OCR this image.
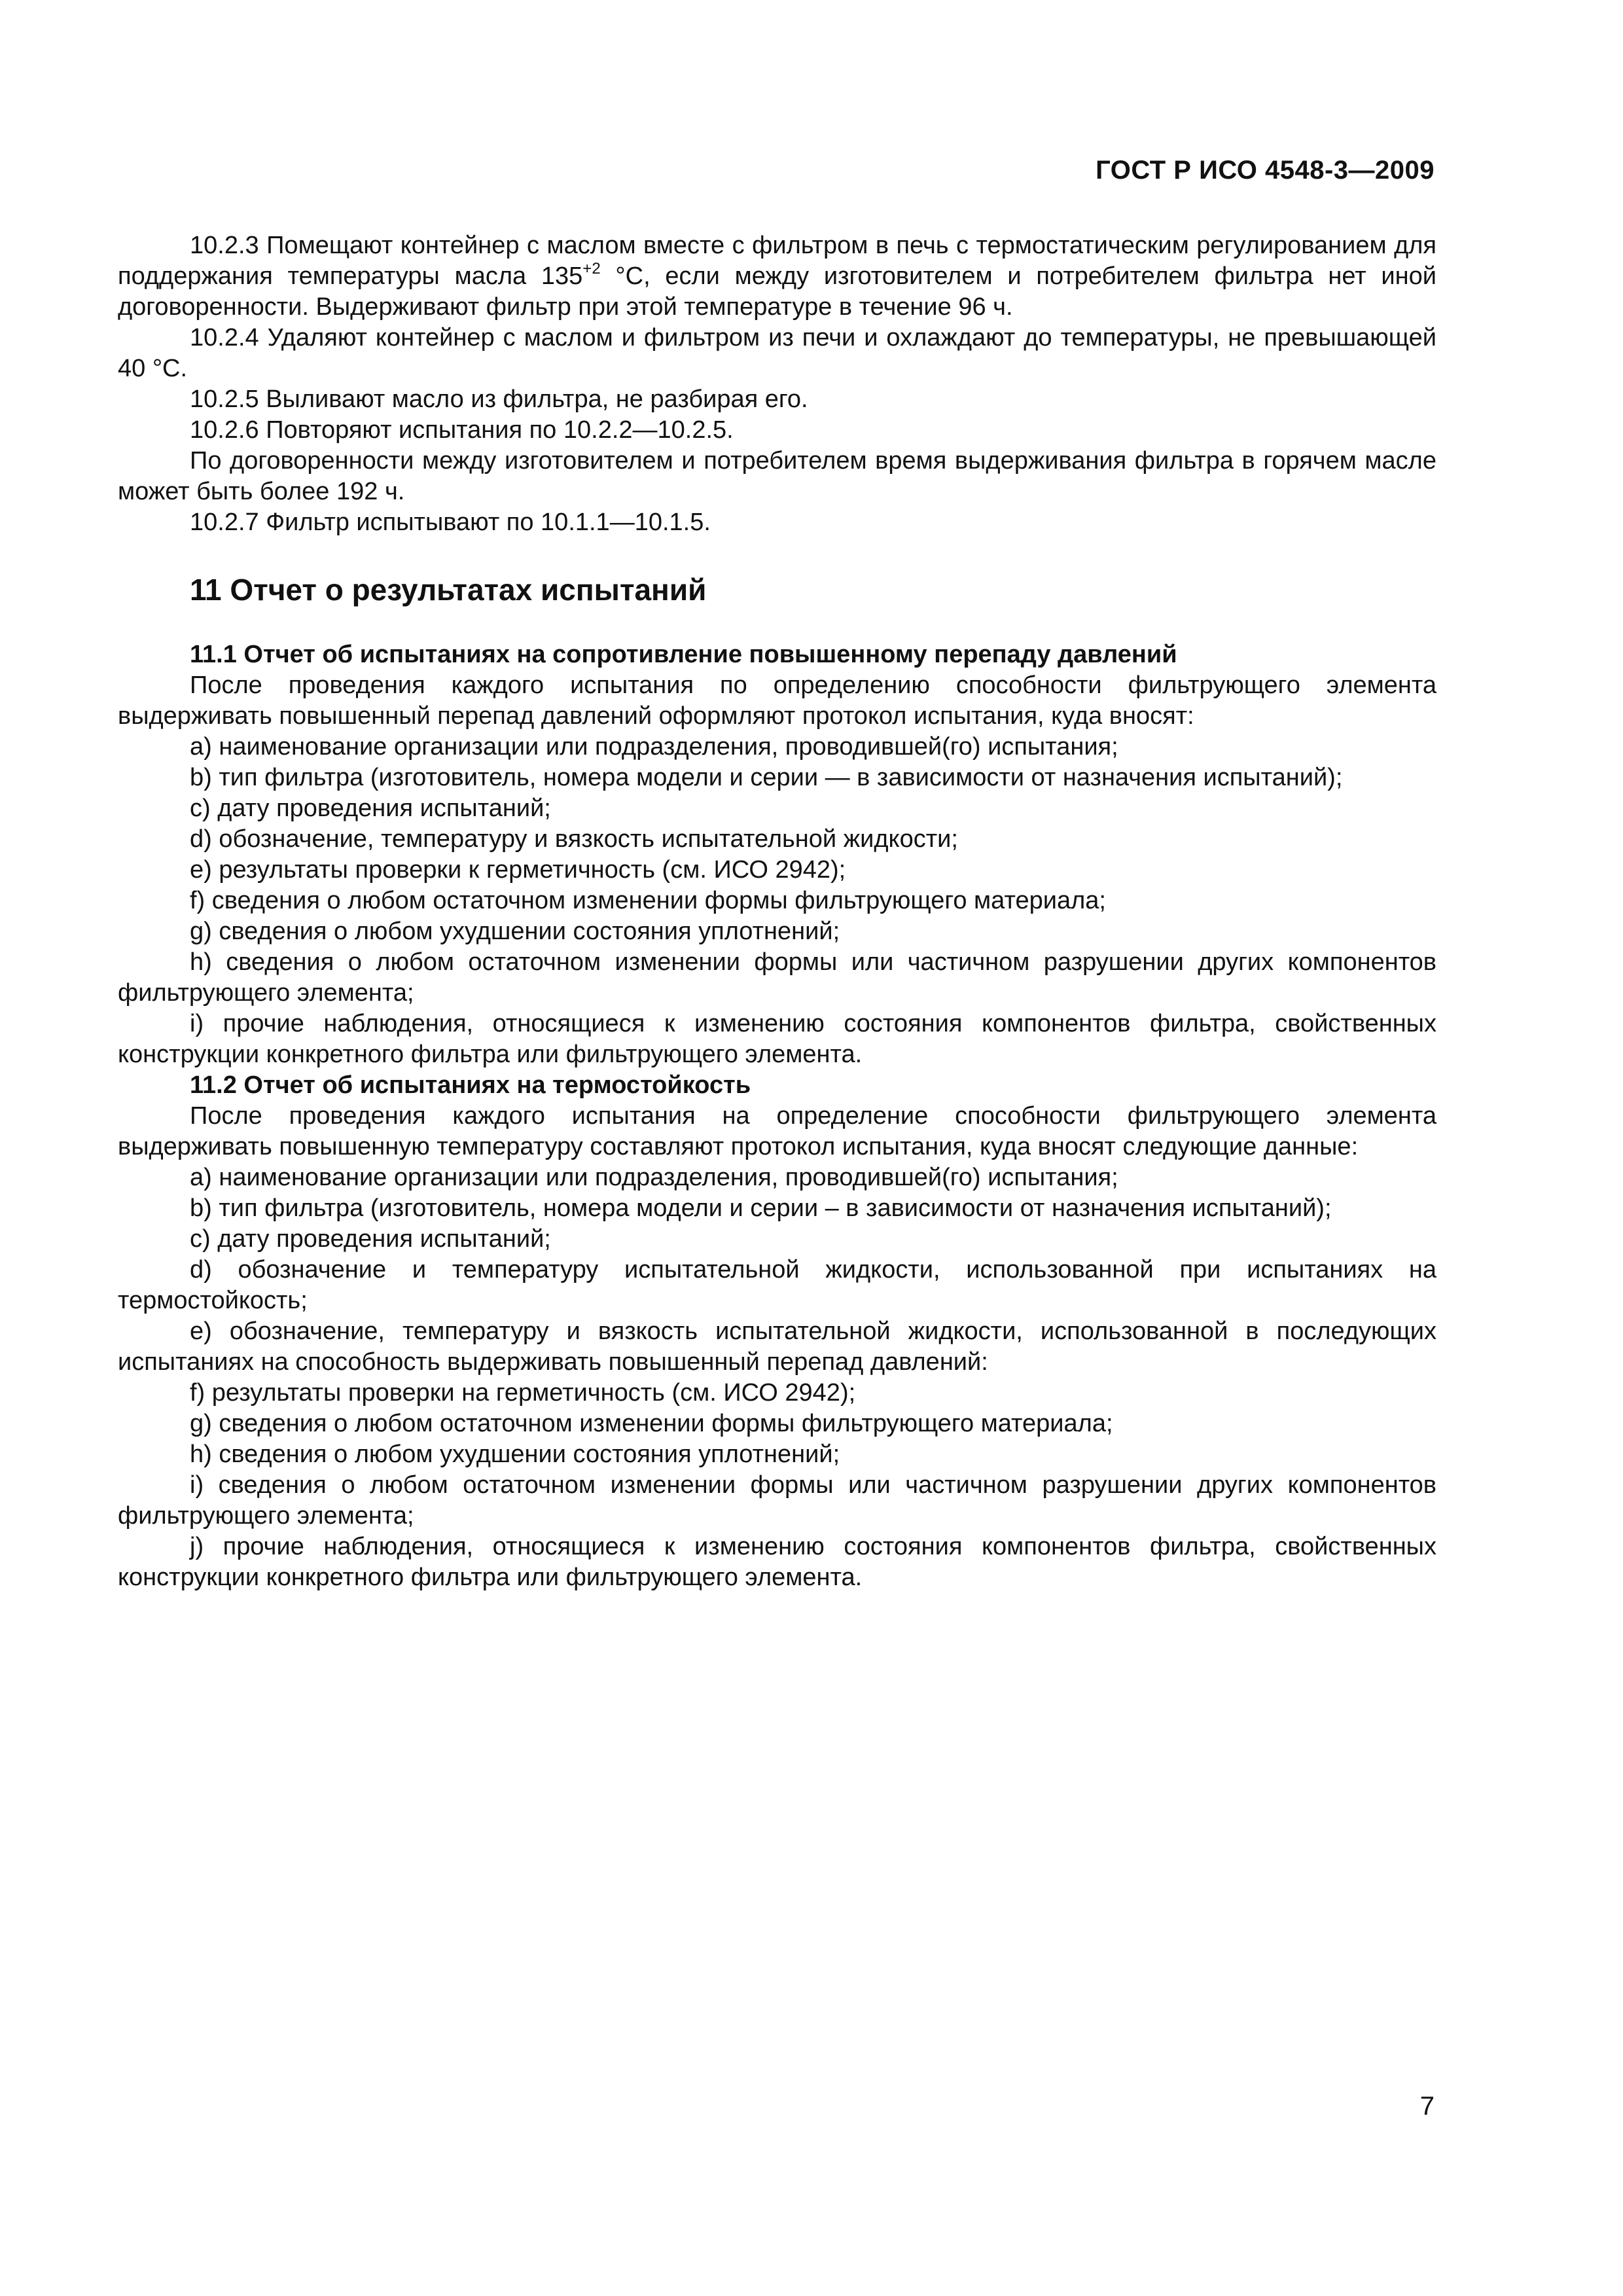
ГОСТ Р ИСО 4548-3—2009

10.2.3 Помещают контейнер с маслом вместе с фильтром в печь с термостатическим регулированием для поддержания температуры масла $135^{+2}$ °С, если между изготовителем и потребителем фильтра нет иной договоренности. Выдерживают фильтр при этой температуре в течение 96 ч.

10.2.4 Удаляют контейнер с маслом и фильтром из печи и охлаждают до температуры, не превышающей 40 °С.

10.2.5 Выливают масло из фильтра, не разбирая его.

10.2.6 Повторяют испытания по 10.2.2—10.2.5.

По договоренности между изготовителем и потребителем время выдерживания фильтра в горячем масле может быть более 192 ч.

10.2.7 Фильтр испытывают по 10.1.1—10.1.5.

11 Отчет о результатах испытаний

11.1 Отчет об испытаниях на сопротивление повышенному перепаду давлений

После проведения каждого испытания по определению способности фильтрующего элемента выдерживать повышенный перепад давлений оформляют протокол испытания, куда вносят:

a) наименование организации или подразделения, проводившей(го) испытания;

b) тип фильтра (изготовитель, номера модели и серии — в зависимости от назначения испытаний);

c) дату проведения испытаний;

d) обозначение, температуру и вязкость испытательной жидкости;

e) результаты проверки к герметичность (см. ИСО 2942);

f) сведения о любом остаточном изменении формы фильтрующего материала;

g) сведения о любом ухудшении состояния уплотнений;

h) сведения о любом остаточном изменении формы или частичном разрушении других компонентов фильтрующего элемента;

i) прочие наблюдения, относящиеся к изменению состояния компонентов фильтра, свойственных конструкции конкретного фильтра или фильтрующего элемента.

11.2 Отчет об испытаниях на термостойкость

После проведения каждого испытания на определение способности фильтрующего элемента выдерживать повышенную температуру составляют протокол испытания, куда вносят следующие данные:

a) наименование организации или подразделения, проводившей(го) испытания;

b) тип фильтра (изготовитель, номера модели и серии – в зависимости от назначения испытаний);

c) дату проведения испытаний;

d) обозначение и температуру испытательной жидкости, использованной при испытаниях на термостойкость;

e) обозначение, температуру и вязкость испытательной жидкости, использованной в последующих испытаниях на способность выдерживать повышенный перепад давлений:

f) результаты проверки на герметичность (см. ИСО 2942);

g) сведения о любом остаточном изменении формы фильтрующего материала;

h) сведения о любом ухудшении состояния уплотнений;

i) сведения о любом остаточном изменении формы или частичном разрушении других компонентов фильтрующего элемента;

j) прочие наблюдения, относящиеся к изменению состояния компонентов фильтра, свойственных конструкции конкретного фильтра или фильтрующего элемента.

7
